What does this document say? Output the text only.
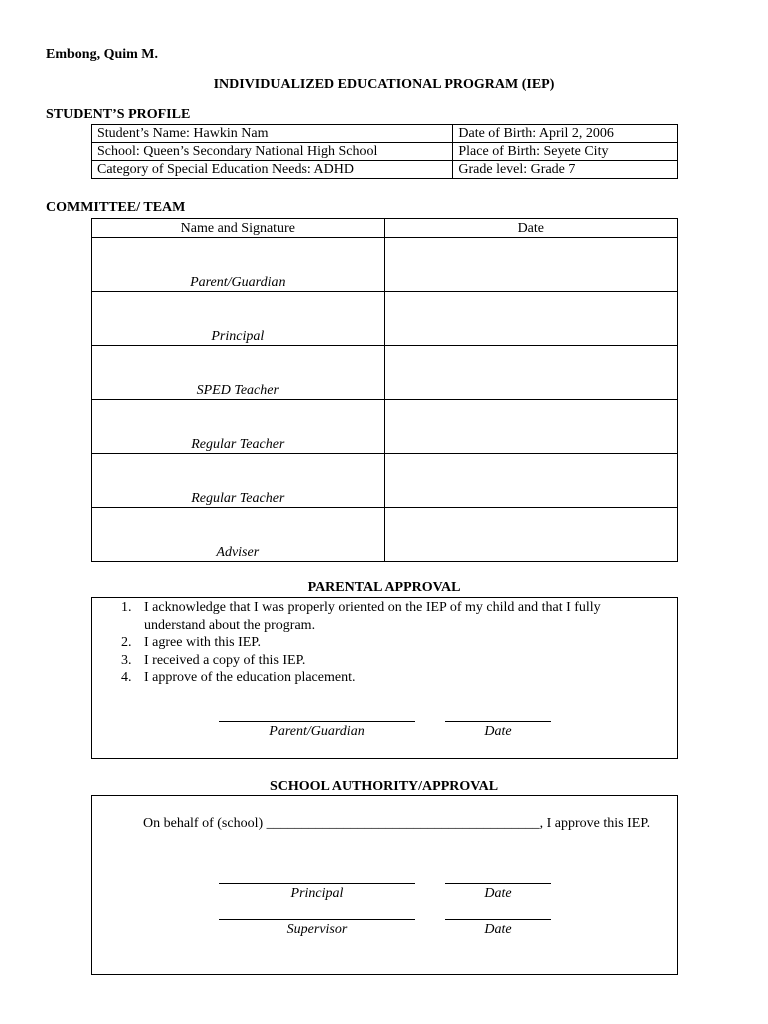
Embong, Quim M.
INDIVIDUALIZED EDUCATIONAL PROGRAM (IEP)
STUDENT’S PROFILE
Student’s Name: Hawkin Nam	Date of Birth: April 2, 2006
School: Queen’s Secondary National High School	Place of Birth: Seyete City
Category of Special Education Needs: ADHD	Grade level: Grade 7
COMMITTEE/ TEAM
Name and Signature	Date
Parent/Guardian	
Principal	
SPED Teacher	
Regular Teacher	
Regular Teacher	
Adviser	
PARENTAL APPROVAL
1. I acknowledge that I was properly oriented on the IEP of my child and that I fully understand about the program.
2. I agree with this IEP.
3. I received a copy of this IEP.
4. I approve of the education placement.
Parent/Guardian	Date
SCHOOL AUTHORITY/APPROVAL
On behalf of (school) _______________________________________, I approve this IEP.
Principal	Date
Supervisor	Date
